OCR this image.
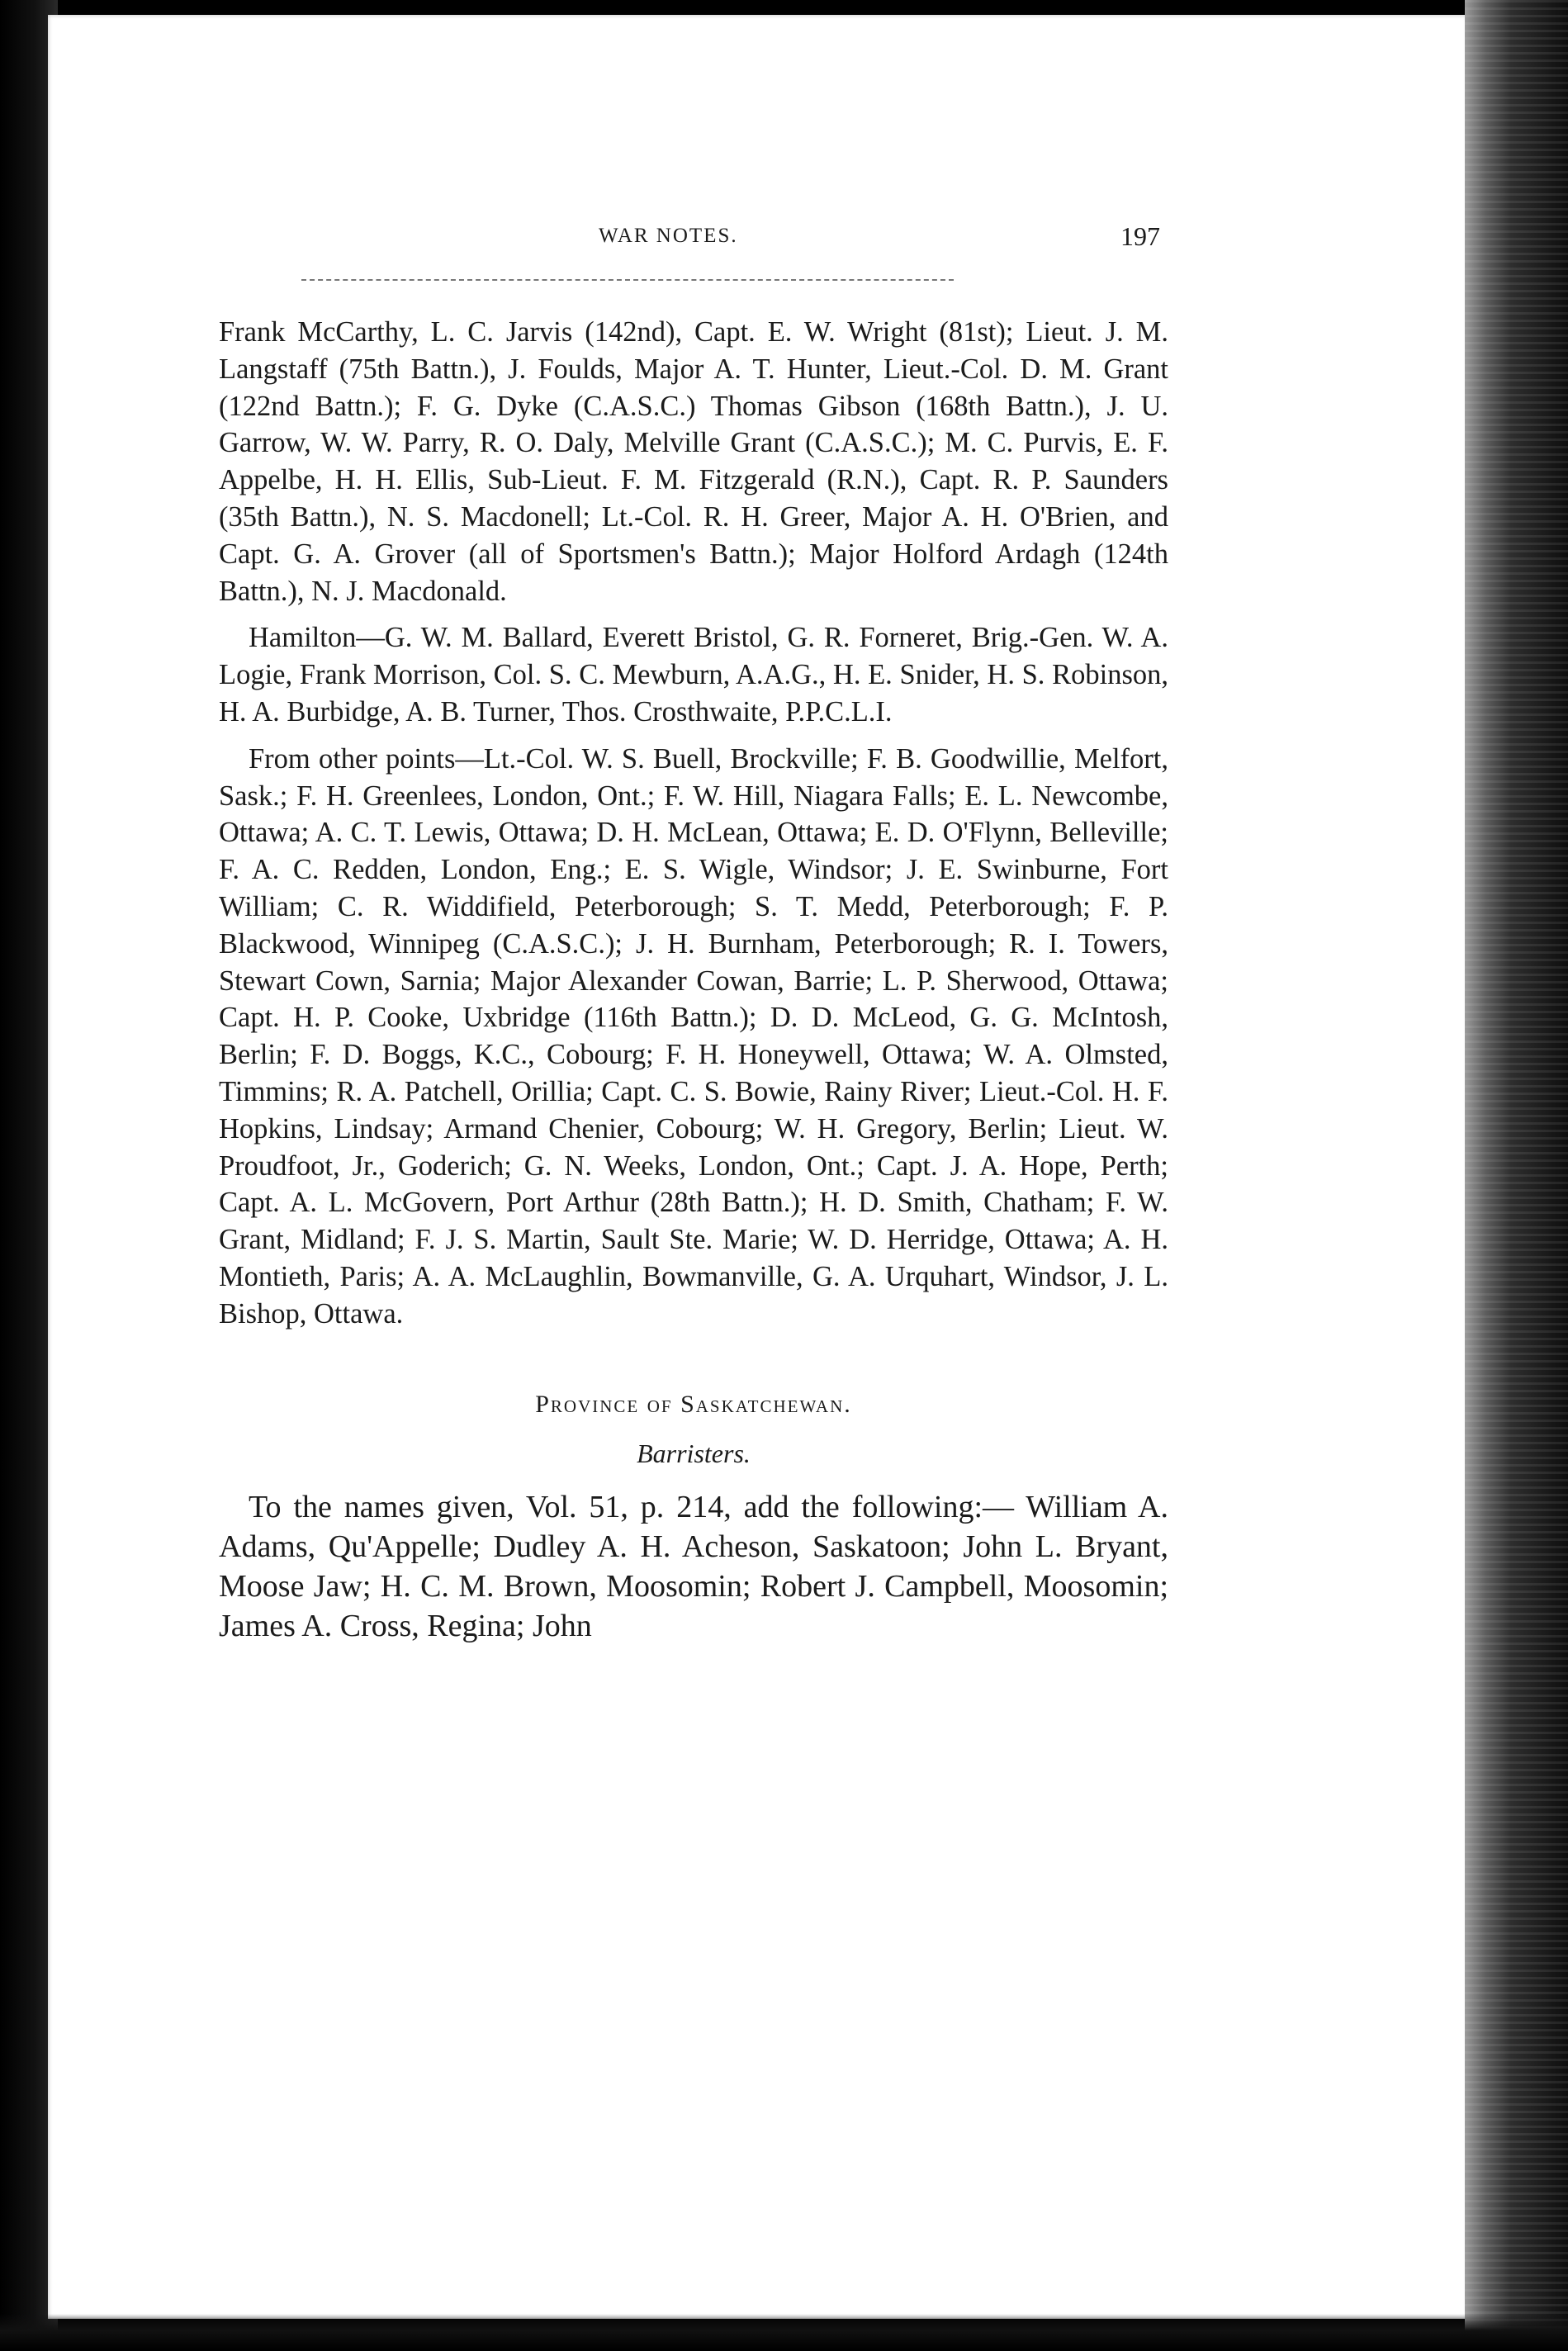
WAR NOTES.	197

Frank McCarthy, L. C. Jarvis (142nd), Capt. E. W. Wright (81st); Lieut. J. M. Langstaff (75th Battn.), J. Foulds, Major A. T. Hunter, Lieut.-Col. D. M. Grant (122nd Battn.); F. G. Dyke (C.A.S.C.) Thomas Gibson (168th Battn.), J. U. Garrow, W. W. Parry, R. O. Daly, Melville Grant (C.A.S.C.); M. C. Purvis, E. F. Appelbe, H. H. Ellis, Sub-Lieut. F. M. Fitzgerald (R.N.), Capt. R. P. Saunders (35th Battn.), N. S. Macdonell; Lt.-Col. R. H. Greer, Major A. H. O'Brien, and Capt. G. A. Grover (all of Sportsmen's Battn.); Major Holford Ardagh (124th Battn.), N. J. Macdonald.

Hamilton—G. W. M. Ballard, Everett Bristol, G. R. Forneret, Brig.-Gen. W. A. Logie, Frank Morrison, Col. S. C. Mewburn, A.A.G., H. E. Snider, H. S. Robinson, H. A. Burbidge, A. B. Turner, Thos. Crosthwaite, P.P.C.L.I.

From other points—Lt.-Col. W. S. Buell, Brockville; F. B. Goodwillie, Melfort, Sask.; F. H. Greenlees, London, Ont.; F. W. Hill, Niagara Falls; E. L. Newcombe, Ottawa; A. C. T. Lewis, Ottawa; D. H. McLean, Ottawa; E. D. O'Flynn, Belleville; F. A. C. Redden, London, Eng.; E. S. Wigle, Windsor; J. E. Swinburne, Fort William; C. R. Widdifield, Peterborough; S. T. Medd, Peterborough; F. P. Blackwood, Winnipeg (C.A.S.C.); J. H. Burnham, Peterborough; R. I. Towers, Stewart Cown, Sarnia; Major Alexander Cowan, Barrie; L. P. Sherwood, Ottawa; Capt. H. P. Cooke, Uxbridge (116th Battn.); D. D. McLeod, G. G. McIntosh, Berlin; F. D. Boggs, K.C., Cobourg; F. H. Honeywell, Ottawa; W. A. Olmsted, Timmins; R. A. Patchell, Orillia; Capt. C. S. Bowie, Rainy River; Lieut.-Col. H. F. Hopkins, Lindsay; Armand Chenier, Cobourg; W. H. Gregory, Berlin; Lieut. W. Proudfoot, Jr., Goderich; G. N. Weeks, London, Ont.; Capt. J. A. Hope, Perth; Capt. A. L. McGovern, Port Arthur (28th Battn.); H. D. Smith, Chatham; F. W. Grant, Midland; F. J. S. Martin, Sault Ste. Marie; W. D. Herridge, Ottawa; A. H. Montieth, Paris; A. A. McLaughlin, Bowmanville, G. A. Urquhart, Windsor, J. L. Bishop, Ottawa.

Province of Saskatchewan.
Barristers.

To the names given, Vol. 51, p. 214, add the following:— William A. Adams, Qu'Appelle; Dudley A. H. Acheson, Saskatoon; John L. Bryant, Moose Jaw; H. C. M. Brown, Moosomin; Robert J. Campbell, Moosomin; James A. Cross, Regina; John
